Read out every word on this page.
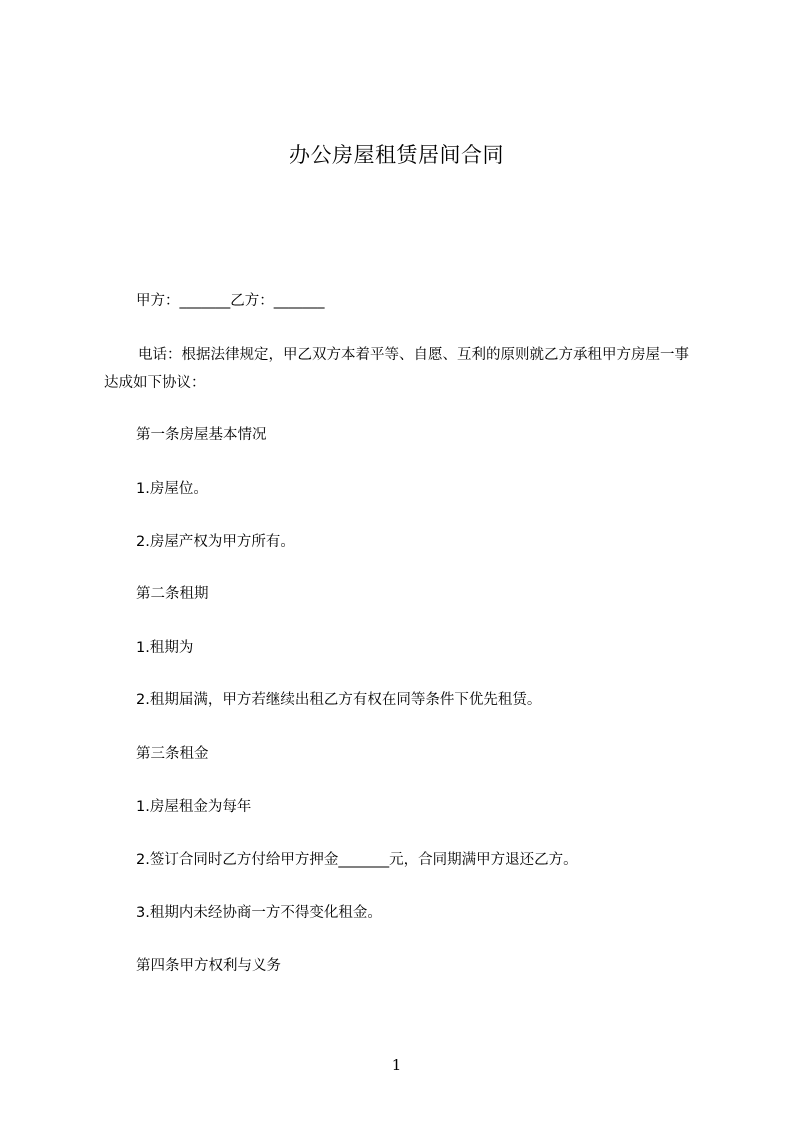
办公房屋租赁居间合同
甲方：_______乙方：_______
电话：根据法律规定，甲乙双方本着平等、自愿、互利的原则就乙方承租甲方房屋一事达成如下协议：
第一条房屋基本情况
1.房屋位。
2.房屋产权为甲方所有。
第二条租期
1.租期为
2.租期届满，甲方若继续出租乙方有权在同等条件下优先租赁。
第三条租金
1.房屋租金为每年
2.签订合同时乙方付给甲方押金_______元，合同期满甲方退还乙方。
3.租期内未经协商一方不得变化租金。
第四条甲方权利与义务
1
